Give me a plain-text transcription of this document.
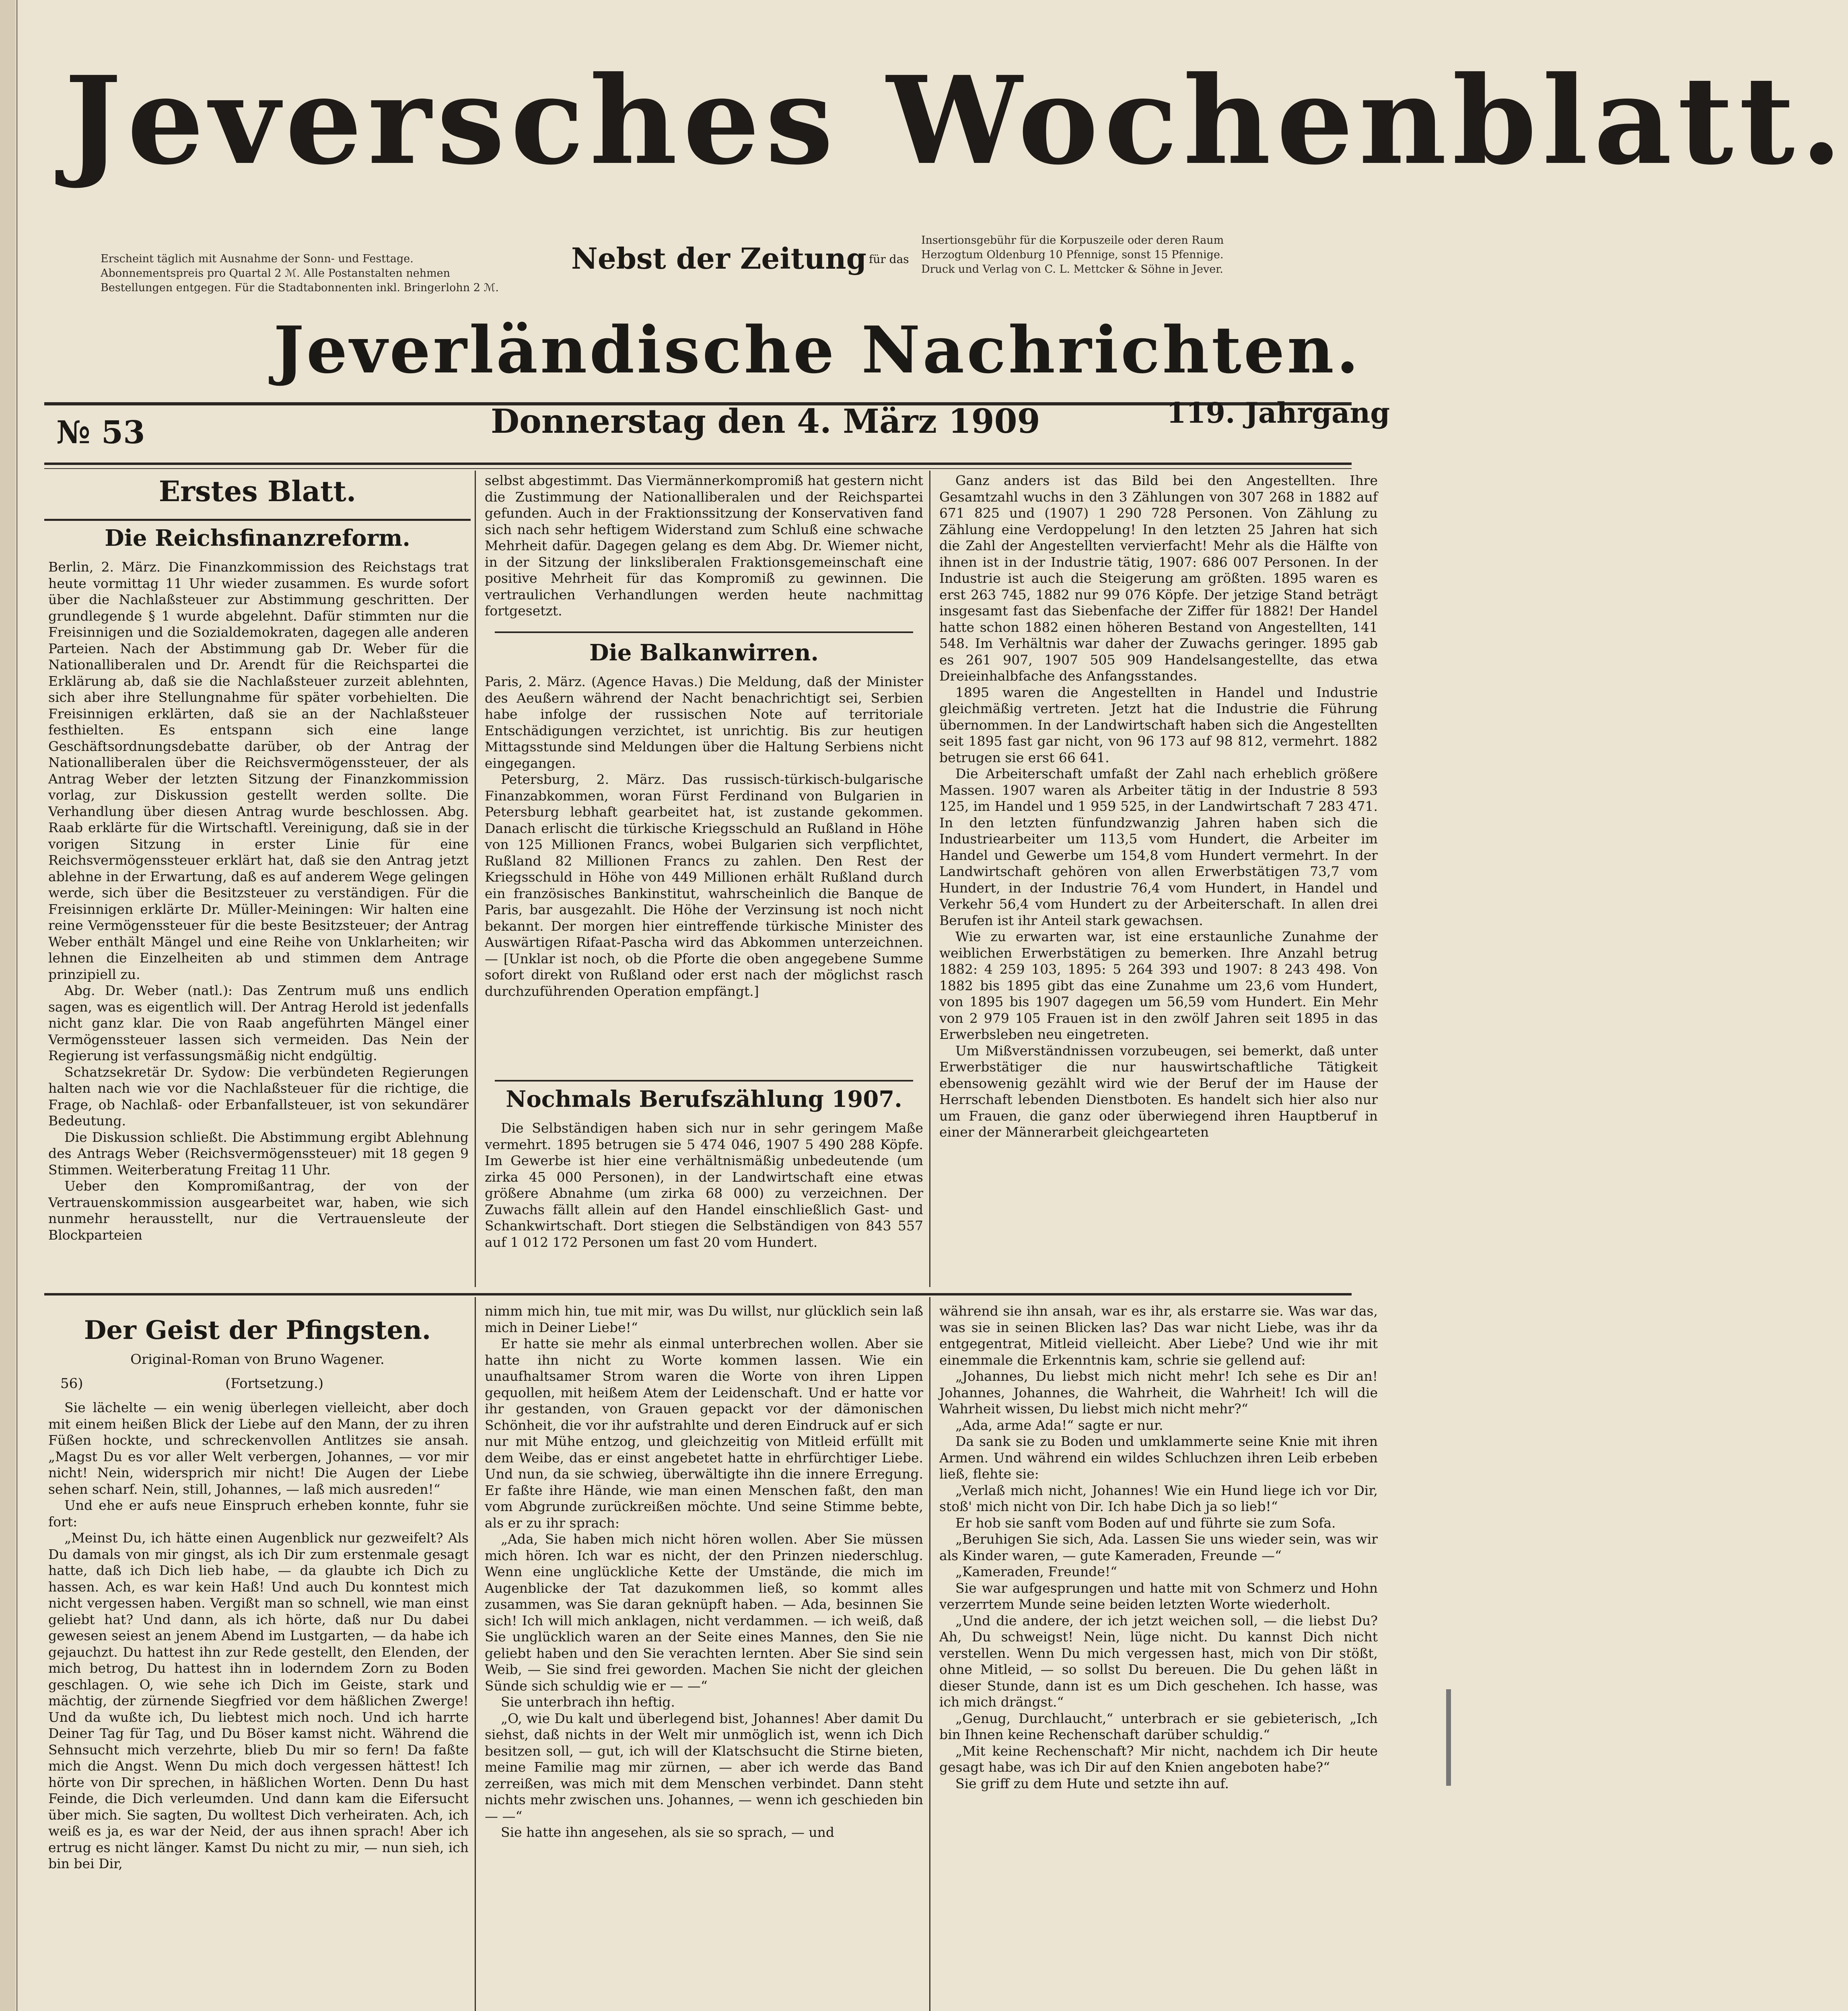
Jeversches Wochenblatt.
Erscheint täglich mit Ausnahme der Sonn- und Festtage.
Abonnementspreis pro Quartal 2 ℳ. Alle Postanstalten nehmen
Bestellungen entgegen. Für die Stadtabonnenten inkl. Bringerlohn 2 ℳ.
Nebst der Zeitung für das
Insertionsgebühr für die Korpuszeile oder deren Raum
Herzogtum Oldenburg 10 Pfennige, sonst 15 Pfennige.
Druck und Verlag von C. L. Mettcker & Söhne in Jever.
Jeverländische Nachrichten.
№ 53	Donnerstag den 4. März 1909	119. Jahrgang
Erstes Blatt.
Die Reichsfinanzreform.

Berlin, 2. März. Die Finanzkommission des Reichstags trat heute vormittag 11 Uhr wieder zusammen. Es wurde sofort über die Nachlaßsteuer zur Abstimmung geschritten. Der grundlegende § 1 wurde abgelehnt. Dafür stimmten nur die Freisinnigen und die Sozialdemokraten, dagegen alle anderen Parteien. Nach der Abstimmung gab Dr. Weber für die Nationalliberalen und Dr. Arendt für die Reichspartei die Erklärung ab, daß sie die Nachlaßsteuer zurzeit ablehnten, sich aber ihre Stellungnahme für später vorbehielten. Die Freisinnigen erklärten, daß sie an der Nachlaßsteuer festhielten. Es entspann sich eine lange Geschäftsordnungsdebatte darüber, ob der Antrag der Nationalliberalen über die Reichsvermögenssteuer, der als Antrag Weber der letzten Sitzung der Finanzkommission vorlag, zur Diskussion gestellt werden sollte. Die Verhandlung über diesen Antrag wurde beschlossen. Abg. Raab erklärte für die Wirtschaftl. Vereinigung, daß sie in der vorigen Sitzung in erster Linie für eine Reichsvermögenssteuer erklärt hat, daß sie den Antrag jetzt ablehne in der Erwartung, daß es auf anderem Wege gelingen werde, sich über die Besitzsteuer zu verständigen. Für die Freisinnigen erklärte Dr. Müller-Meiningen: Wir halten eine reine Vermögenssteuer für die beste Besitzsteuer; der Antrag Weber enthält Mängel und eine Reihe von Unklarheiten; wir lehnen die Einzelheiten ab und stimmen dem Antrage prinzipiell zu.

Abg. Dr. Weber (natl.): Das Zentrum muß uns endlich sagen, was es eigentlich will. Der Antrag Herold ist jedenfalls nicht ganz klar. Die von Raab angeführten Mängel einer Vermögenssteuer lassen sich vermeiden. Das Nein der Regierung ist verfassungsmäßig nicht endgültig.

Schatzsekretär Dr. Sydow: Die verbündeten Regierungen halten nach wie vor die Nachlaßsteuer für die richtige, die Frage, ob Nachlaß- oder Erbanfallsteuer, ist von sekundärer Bedeutung.

Die Diskussion schließt. Die Abstimmung ergibt Ablehnung des Antrags Weber (Reichsvermögenssteuer) mit 18 gegen 9 Stimmen. Weiterberatung Freitag 11 Uhr.

Ueber den Kompromißantrag, der von der Vertrauenskommission ausgearbeitet war, haben, wie sich nunmehr herausstellt, nur die Vertrauensleute der Blockparteien

selbst abgestimmt. Das Viermännerkompromiß hat gestern nicht die Zustimmung der Nationalliberalen und der Reichspartei gefunden. Auch in der Fraktionssitzung der Konservativen fand sich nach sehr heftigem Widerstand zum Schluß eine schwache Mehrheit dafür. Dagegen gelang es dem Abg. Dr. Wiemer nicht, in der Sitzung der linksliberalen Fraktionsgemeinschaft eine positive Mehrheit für das Kompromiß zu gewinnen. Die vertraulichen Verhandlungen werden heute nachmittag fortgesetzt.

Die Balkanwirren.

Paris, 2. März. (Agence Havas.) Die Meldung, daß der Minister des Aeußern während der Nacht benachrichtigt sei, Serbien habe infolge der russischen Note auf territoriale Entschädigungen verzichtet, ist unrichtig. Bis zur heutigen Mittagsstunde sind Meldungen über die Haltung Serbiens nicht eingegangen.

Petersburg, 2. März. Das russisch-türkisch-bulgarische Finanzabkommen, woran Fürst Ferdinand von Bulgarien in Petersburg lebhaft gearbeitet hat, ist zustande gekommen. Danach erlischt die türkische Kriegsschuld an Rußland in Höhe von 125 Millionen Francs, wobei Bulgarien sich verpflichtet, Rußland 82 Millionen Francs zu zahlen. Den Rest der Kriegsschuld in Höhe von 449 Millionen erhält Rußland durch ein französisches Bankinstitut, wahrscheinlich die Banque de Paris, bar ausgezahlt. Die Höhe der Verzinsung ist noch nicht bekannt. Der morgen hier eintreffende türkische Minister des Auswärtigen Rifaat-Pascha wird das Abkommen unterzeichnen. — [Unklar ist noch, ob die Pforte die oben angegebene Summe sofort direkt von Rußland oder erst nach der möglichst rasch durchzuführenden Operation empfängt.]

Nochmals Berufszählung 1907.

Die Selbständigen haben sich nur in sehr geringem Maße vermehrt. 1895 betrugen sie 5 474 046, 1907 5 490 288 Köpfe. Im Gewerbe ist hier eine verhältnismäßig unbedeutende (um zirka 45 000 Personen), in der Landwirtschaft eine etwas größere Abnahme (um zirka 68 000) zu verzeichnen. Der Zuwachs fällt allein auf den Handel einschließlich Gast- und Schankwirtschaft. Dort stiegen die Selbständigen von 843 557 auf 1 012 172 Personen um fast 20 vom Hundert.

Ganz anders ist das Bild bei den Angestellten. Ihre Gesamtzahl wuchs in den 3 Zählungen von 307 268 in 1882 auf 671 825 und (1907) 1 290 728 Personen. Von Zählung zu Zählung eine Verdoppelung! In den letzten 25 Jahren hat sich die Zahl der Angestellten vervierfacht! Mehr als die Hälfte von ihnen ist in der Industrie tätig, 1907: 686 007 Personen. In der Industrie ist auch die Steigerung am größten. 1895 waren es erst 263 745, 1882 nur 99 076 Köpfe. Der jetzige Stand beträgt insgesamt fast das Siebenfache der Ziffer für 1882! Der Handel hatte schon 1882 einen höheren Bestand von Angestellten, 141 548. Im Verhältnis war daher der Zuwachs geringer. 1895 gab es 261 907, 1907 505 909 Handelsangestellte, das etwa Dreieinhalbfache des Anfangsstandes.

1895 waren die Angestellten in Handel und Industrie gleichmäßig vertreten. Jetzt hat die Industrie die Führung übernommen. In der Landwirtschaft haben sich die Angestellten seit 1895 fast gar nicht, von 96 173 auf 98 812, vermehrt. 1882 betrugen sie erst 66 641.

Die Arbeiterschaft umfaßt der Zahl nach erheblich größere Massen. 1907 waren als Arbeiter tätig in der Industrie 8 593 125, im Handel und 1 959 525, in der Landwirtschaft 7 283 471. In den letzten fünfundzwanzig Jahren haben sich die Industriearbeiter um 113,5 vom Hundert, die Arbeiter im Handel und Gewerbe um 154,8 vom Hundert vermehrt. In der Landwirtschaft gehören von allen Erwerbstätigen 73,7 vom Hundert, in der Industrie 76,4 vom Hundert, in Handel und Verkehr 56,4 vom Hundert zu der Arbeiterschaft. In allen drei Berufen ist ihr Anteil stark gewachsen.

Wie zu erwarten war, ist eine erstaunliche Zunahme der weiblichen Erwerbstätigen zu bemerken. Ihre Anzahl betrug 1882: 4 259 103, 1895: 5 264 393 und 1907: 8 243 498. Von 1882 bis 1895 gibt das eine Zunahme um 23,6 vom Hundert, von 1895 bis 1907 dagegen um 56,59 vom Hundert. Ein Mehr von 2 979 105 Frauen ist in den zwölf Jahren seit 1895 in das Erwerbsleben neu eingetreten.

Um Mißverständnissen vorzubeugen, sei bemerkt, daß unter Erwerbstätiger die nur hauswirtschaftliche Tätigkeit ebensowenig gezählt wird wie der Beruf der im Hause der Herrschaft lebenden Dienstboten. Es handelt sich hier also nur um Frauen, die ganz oder überwiegend ihren Hauptberuf in einer der Männerarbeit gleichgearteten

Der Geist der Pfingsten.
Original-Roman von Bruno Wagener.
56)	(Fortsetzung.)

Sie lächelte — ein wenig überlegen vielleicht, aber doch mit einem heißen Blick der Liebe auf den Mann, der zu ihren Füßen hockte, und schreckenvollen Antlitzes sie ansah. „Magst Du es vor aller Welt verbergen, Johannes, — vor mir nicht! Nein, widersprich mir nicht! Die Augen der Liebe sehen scharf. Nein, still, Johannes, — laß mich ausreden!“

Und ehe er aufs neue Einspruch erheben konnte, fuhr sie fort:

„Meinst Du, ich hätte einen Augenblick nur gezweifelt? Als Du damals von mir gingst, als ich Dir zum erstenmale gesagt hatte, daß ich Dich lieb habe, — da glaubte ich Dich zu hassen. Ach, es war kein Haß! Und auch Du konntest mich nicht vergessen haben. Vergißt man so schnell, wie man einst geliebt hat? Und dann, als ich hörte, daß nur Du dabei gewesen seiest an jenem Abend im Lustgarten, — da habe ich gejauchzt. Du hattest ihn zur Rede gestellt, den Elenden, der mich betrog, Du hattest ihn in loderndem Zorn zu Boden geschlagen. O, wie sehe ich Dich im Geiste, stark und mächtig, der zürnende Siegfried vor dem häßlichen Zwerge! Und da wußte ich, Du liebtest mich noch. Und ich harrte Deiner Tag für Tag, und Du Böser kamst nicht. Während die Sehnsucht mich verzehrte, blieb Du mir so fern! Da faßte mich die Angst. Wenn Du mich doch vergessen hättest! Ich hörte von Dir sprechen, in häßlichen Worten. Denn Du hast Feinde, die Dich verleumden. Und dann kam die Eifersucht über mich. Sie sagten, Du wolltest Dich verheiraten. Ach, ich weiß es ja, es war der Neid, der aus ihnen sprach! Aber ich ertrug es nicht länger. Kamst Du nicht zu mir, — nun sieh, ich bin bei Dir,

nimm mich hin, tue mit mir, was Du willst, nur glücklich sein laß mich in Deiner Liebe!“

Er hatte sie mehr als einmal unterbrechen wollen. Aber sie hatte ihn nicht zu Worte kommen lassen. Wie ein unaufhaltsamer Strom waren die Worte von ihren Lippen gequollen, mit heißem Atem der Leidenschaft. Und er hatte vor ihr gestanden, von Grauen gepackt vor der dämonischen Schönheit, die vor ihr aufstrahlte und deren Eindruck auf er sich nur mit Mühe entzog, und gleichzeitig von Mitleid erfüllt mit dem Weibe, das er einst angebetet hatte in ehrfürchtiger Liebe. Und nun, da sie schwieg, überwältigte ihn die innere Erregung. Er faßte ihre Hände, wie man einen Menschen faßt, den man vom Abgrunde zurückreißen möchte. Und seine Stimme bebte, als er zu ihr sprach:

„Ada, Sie haben mich nicht hören wollen. Aber Sie müssen mich hören. Ich war es nicht, der den Prinzen niederschlug. Wenn eine unglückliche Kette der Umstände, die mich im Augenblicke der Tat dazukommen ließ, so kommt alles zusammen, was Sie daran geknüpft haben. — Ada, besinnen Sie sich! Ich will mich anklagen, nicht verdammen. — ich weiß, daß Sie unglücklich waren an der Seite eines Mannes, den Sie nie geliebt haben und den Sie verachten lernten. Aber Sie sind sein Weib, — Sie sind frei geworden. Machen Sie nicht der gleichen Sünde sich schuldig wie er — —“

Sie unterbrach ihn heftig.

„O, wie Du kalt und überlegend bist, Johannes! Aber damit Du siehst, daß nichts in der Welt mir unmöglich ist, wenn ich Dich besitzen soll, — gut, ich will der Klatschsucht die Stirne bieten, meine Familie mag mir zürnen, — aber ich werde das Band zerreißen, was mich mit dem Menschen verbindet. Dann steht nichts mehr zwischen uns. Johannes, — wenn ich geschieden bin — —“

Sie hatte ihn angesehen, als sie so sprach, — und

während sie ihn ansah, war es ihr, als erstarre sie. Was war das, was sie in seinen Blicken las? Das war nicht Liebe, was ihr da entgegentrat, Mitleid vielleicht. Aber Liebe? Und wie ihr mit einemmale die Erkenntnis kam, schrie sie gellend auf:

„Johannes, Du liebst mich nicht mehr! Ich sehe es Dir an! Johannes, Johannes, die Wahrheit, die Wahrheit! Ich will die Wahrheit wissen, Du liebst mich nicht mehr?“

„Ada, arme Ada!“ sagte er nur.

Da sank sie zu Boden und umklammerte seine Knie mit ihren Armen. Und während ein wildes Schluchzen ihren Leib erbeben ließ, flehte sie:

„Verlaß mich nicht, Johannes! Wie ein Hund liege ich vor Dir, stoß' mich nicht von Dir. Ich habe Dich ja so lieb!“

Er hob sie sanft vom Boden auf und führte sie zum Sofa.

„Beruhigen Sie sich, Ada. Lassen Sie uns wieder sein, was wir als Kinder waren, — gute Kameraden, Freunde —“

„Kameraden, Freunde!“

Sie war aufgesprungen und hatte mit von Schmerz und Hohn verzerrtem Munde seine beiden letzten Worte wiederholt.

„Und die andere, der ich jetzt weichen soll, — die liebst Du? Ah, Du schweigst! Nein, lüge nicht. Du kannst Dich nicht verstellen. Wenn Du mich vergessen hast, mich von Dir stößt, ohne Mitleid, — so sollst Du bereuen. Die Du gehen läßt in dieser Stunde, dann ist es um Dich geschehen. Ich hasse, was ich mich drängst.“

„Genug, Durchlaucht,“ unterbrach er sie gebieterisch, „Ich bin Ihnen keine Rechenschaft darüber schuldig.“

„Mit keine Rechenschaft? Mir nicht, nachdem ich Dir heute gesagt habe, was ich Dir auf den Knien angeboten habe?“

Sie griff zu dem Hute und setzte ihn auf.
